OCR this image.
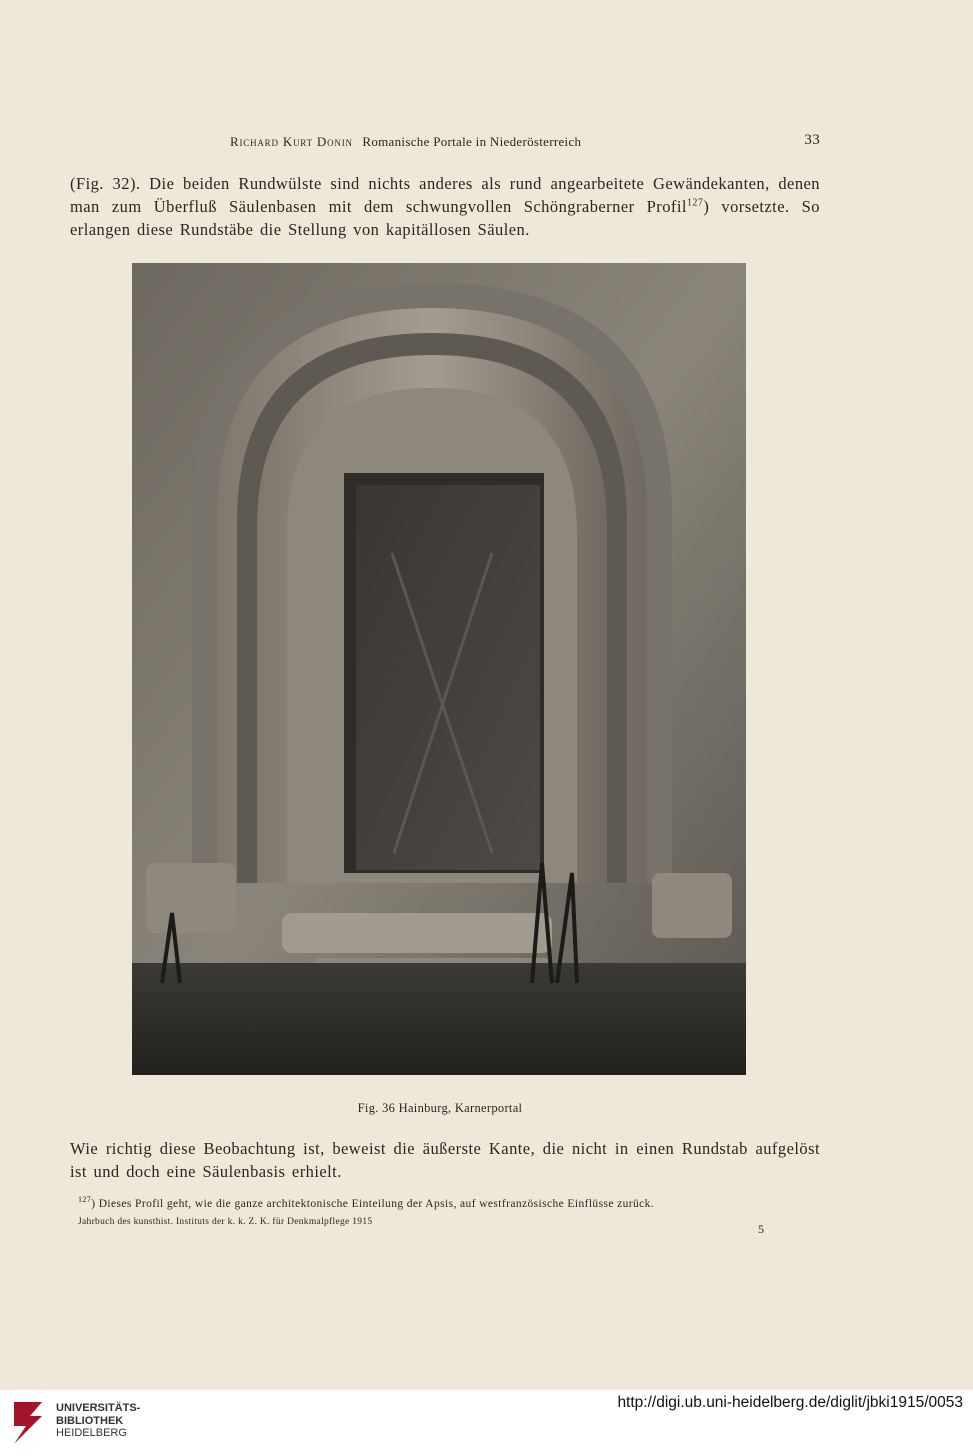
Richard Kurt Donin Romanische Portale in Niederösterreich	33
(Fig. 32). Die beiden Rundwülste sind nichts anderes als rund angearbeitete Gewändekanten, denen man zum Überfluß Säulenbasen mit dem schwungvollen Schöngraberner Profil$^{127}$) vorsetzte. So erlangen diese Rundstäbe die Stellung von kapitällosen Säulen.
Fig. 36 Hainburg, Karnerportal
Wie richtig diese Beobachtung ist, beweist die äußerste Kante, die nicht in einen Rundstab aufgelöst ist und doch eine Säulenbasis erhielt.
$^{127}$) Dieses Profil geht, wie die ganze architektonische Einteilung der Apsis, auf westfranzösische Einflüsse zurück.
Jahrbuch des kunsthist. Instituts der k. k. Z. K. für Denkmalpflege 1915	5
UNIVERSITÄTS-
BIBLIOTHEK
HEIDELBERG
http://digi.ub.uni-heidelberg.de/diglit/jbki1915/0053
